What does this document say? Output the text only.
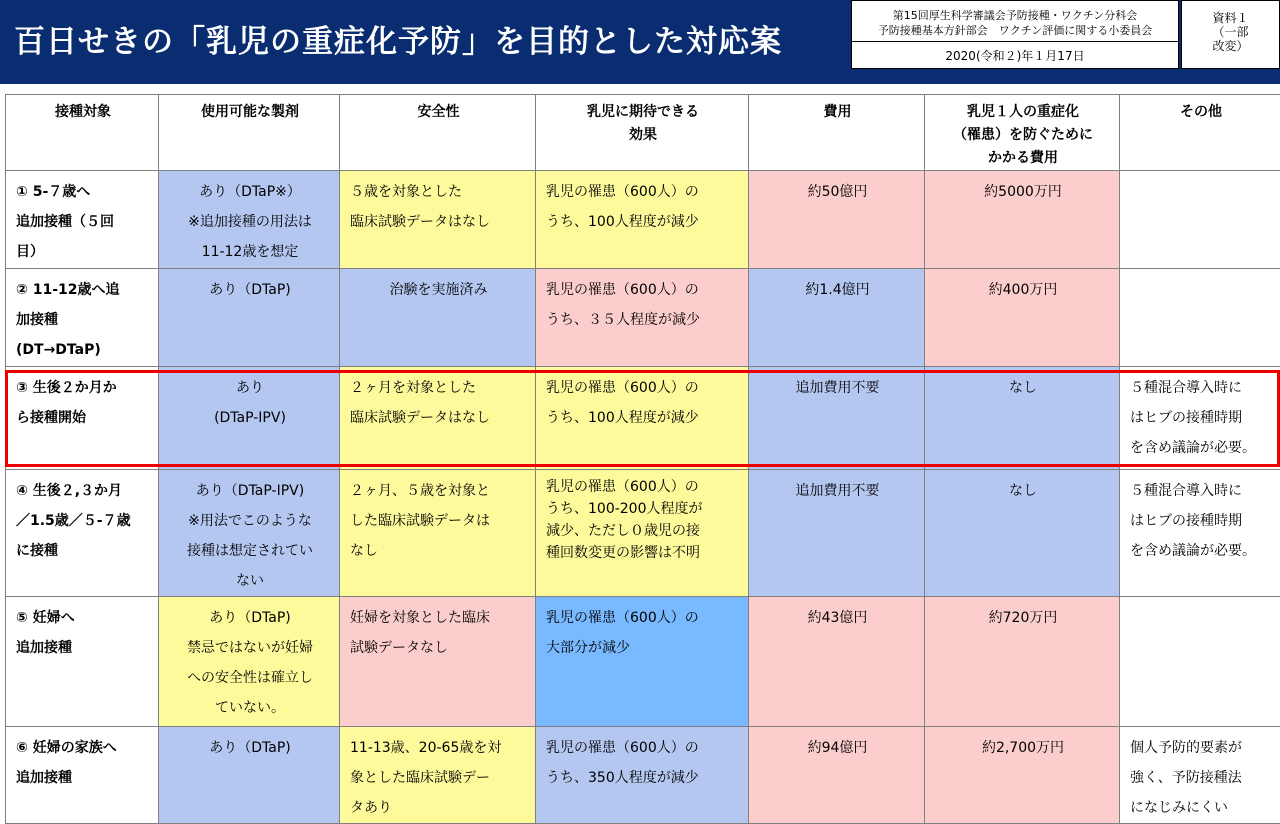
百日せきの「乳児の重症化予防」を目的とした対応案
第15回厚生科学審議会予防接種・ワクチン分科会
予防接種基本方針部会　ワクチン評価に関する小委員会
2020(令和２)年１月17日
資料１
（一部
改変）
接種対象	使用可能な製剤	安全性	乳児に期待できる
効果	費用	乳児１人の重症化
（罹患）を防ぐために
かかる費用	その他

① 5-７歳へ
追加接種（５回
目）	あり（DTaP※）
※追加接種の用法は
11-12歳を想定	５歳を対象とした
臨床試験データはなし	乳児の罹患（600人）の
うち、100人程度が減少	約50億円	約5000万円	

② 11-12歳へ追
加接種
(DT→DTaP)	あり（DTaP)	治験を実施済み	乳児の罹患（600人）の
うち、３５人程度が減少	約1.4億円	約400万円	

③ 生後２か月か
ら接種開始	あり
(DTaP-IPV)	２ヶ月を対象とした
臨床試験データはなし	乳児の罹患（600人）の
うち、100人程度が減少	追加費用不要	なし	５種混合導入時に
はヒブの接種時期
を含め議論が必要。

④ 生後２,３か月
／1.5歳／５-７歳
に接種	あり（DTaP-IPV)
※用法でこのような
接種は想定されてい
ない	２ヶ月、５歳を対象と
した臨床試験データは
なし	乳児の罹患（600人）の
うち、100-200人程度が
減少、ただし０歳児の接
種回数変更の影響は不明	追加費用不要	なし	５種混合導入時に
はヒブの接種時期
を含め議論が必要。

⑤ 妊婦へ
追加接種	あり（DTaP)
禁忌ではないが妊婦
への安全性は確立し
ていない。	妊婦を対象とした臨床
試験データなし	乳児の罹患（600人）の
大部分が減少	約43億円	約720万円	

⑥ 妊婦の家族へ
追加接種	あり（DTaP)	11-13歳、20-65歳を対
象とした臨床試験デー
タあり	乳児の罹患（600人）の
うち、350人程度が減少	約94億円	約2,700万円	個人予防的要素が
強く、予防接種法
になじみにくい
